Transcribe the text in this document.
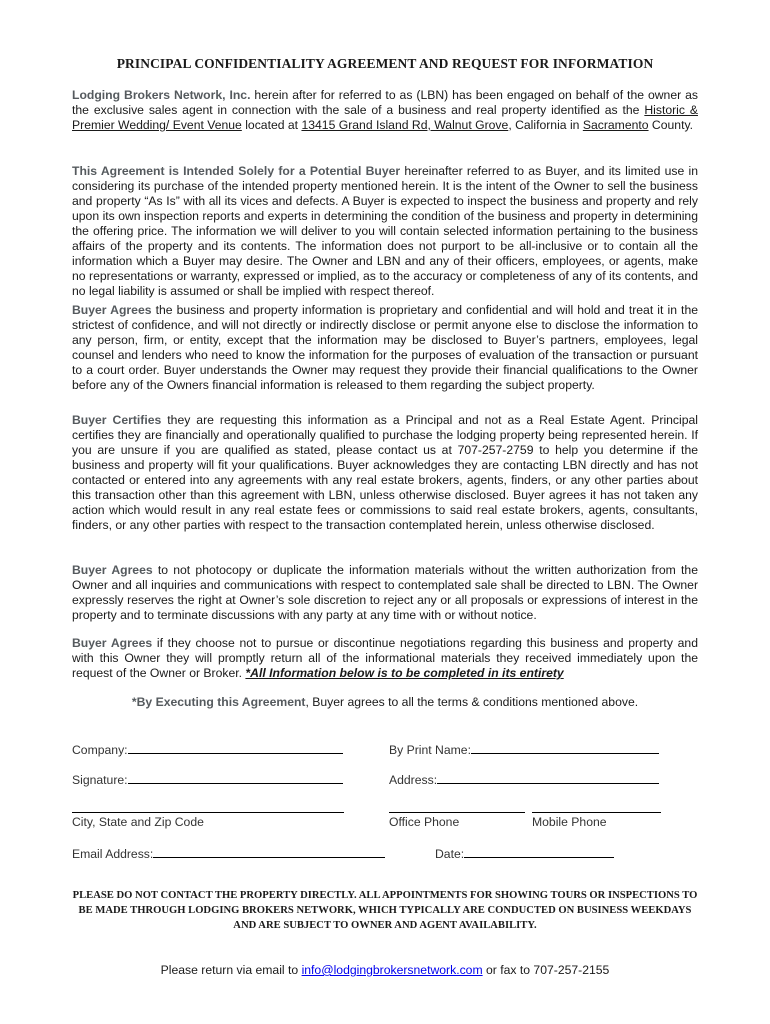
PRINCIPAL CONFIDENTIALITY AGREEMENT AND REQUEST FOR INFORMATION

Lodging Brokers Network, Inc. herein after for referred to as (LBN) has been engaged on behalf of the owner as the exclusive sales agent in connection with the sale of a business and real property identified as the Historic & Premier Wedding/ Event Venue located at 13415 Grand Island Rd, Walnut Grove, California in Sacramento County.

This Agreement is Intended Solely for a Potential Buyer hereinafter referred to as Buyer, and its limited use in considering its purchase of the intended property mentioned herein. It is the intent of the Owner to sell the business and property “As Is” with all its vices and defects. A Buyer is expected to inspect the business and property and rely upon its own inspection reports and experts in determining the condition of the business and property in determining the offering price. The information we will deliver to you will contain selected information pertaining to the business affairs of the property and its contents. The information does not purport to be all-inclusive or to contain all the information which a Buyer may desire. The Owner and LBN and any of their officers, employees, or agents, make no representations or warranty, expressed or implied, as to the accuracy or completeness of any of its contents, and no legal liability is assumed or shall be implied with respect thereof.

Buyer Agrees the business and property information is proprietary and confidential and will hold and treat it in the strictest of confidence, and will not directly or indirectly disclose or permit anyone else to disclose the information to any person, firm, or entity, except that the information may be disclosed to Buyer’s partners, employees, legal counsel and lenders who need to know the information for the purposes of evaluation of the transaction or pursuant to a court order. Buyer understands the Owner may request they provide their financial qualifications to the Owner before any of the Owners financial information is released to them regarding the subject property.

Buyer Certifies they are requesting this information as a Principal and not as a Real Estate Agent. Principal certifies they are financially and operationally qualified to purchase the lodging property being represented herein. If you are unsure if you are qualified as stated, please contact us at 707-257-2759 to help you determine if the business and property will fit your qualifications. Buyer acknowledges they are contacting LBN directly and has not contacted or entered into any agreements with any real estate brokers, agents, finders, or any other parties about this transaction other than this agreement with LBN, unless otherwise disclosed. Buyer agrees it has not taken any action which would result in any real estate fees or commissions to said real estate brokers, agents, consultants, finders, or any other parties with respect to the transaction contemplated herein, unless otherwise disclosed.

Buyer Agrees to not photocopy or duplicate the information materials without the written authorization from the Owner and all inquiries and communications with respect to contemplated sale shall be directed to LBN. The Owner expressly reserves the right at Owner’s sole discretion to reject any or all proposals or expressions of interest in the property and to terminate discussions with any party at any time with or without notice.

Buyer Agrees if they choose not to pursue or discontinue negotiations regarding this business and property and with this Owner they will promptly return all of the informational materials they received immediately upon the request of the Owner or Broker. *All Information below is to be completed in its entirety

*By Executing this Agreement, Buyer agrees to all the terms & conditions mentioned above.
Company:	By Print Name:
Signature:	Address:
City, State and Zip Code	Office Phone	Mobile Phone
Email Address:	Date:
PLEASE DO NOT CONTACT THE PROPERTY DIRECTLY. ALL APPOINTMENTS FOR SHOWING TOURS OR INSPECTIONS TO BE MADE THROUGH LODGING BROKERS NETWORK, WHICH TYPICALLY ARE CONDUCTED ON BUSINESS WEEKDAYS AND ARE SUBJECT TO OWNER AND AGENT AVAILABILITY.
Please return via email to info@lodgingbrokersnetwork.com or fax to 707-257-2155
